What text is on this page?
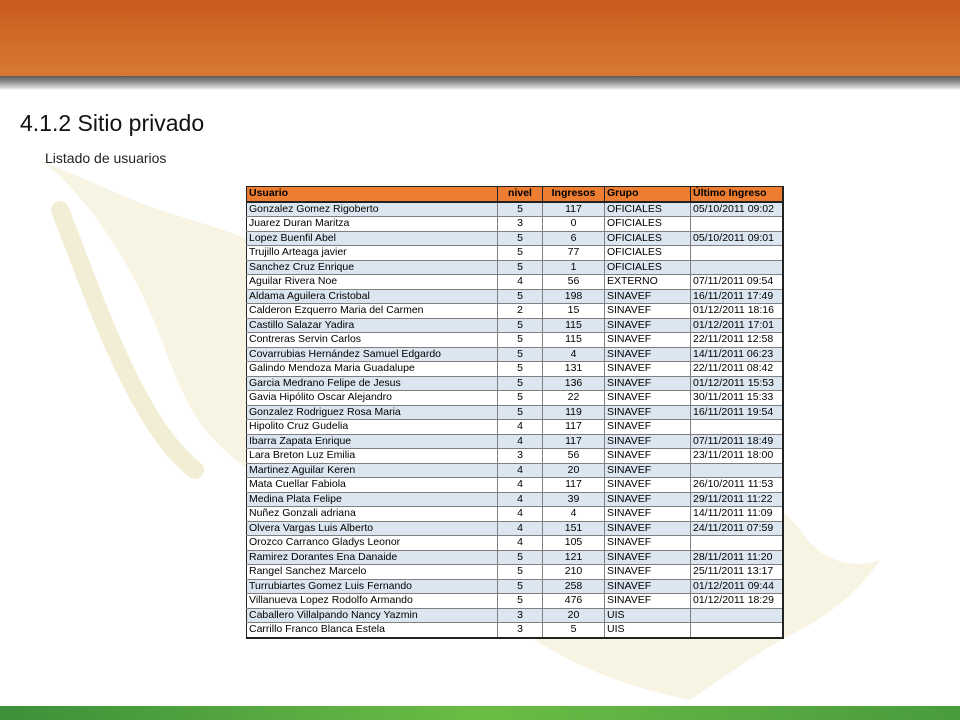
4.1.2 Sitio privado
Listado de usuarios
Usuario	nivel	Ingresos	Grupo	Último Ingreso
Gonzalez Gomez Rigoberto	5	117	OFICIALES	05/10/2011 09:02
Juarez Duran Maritza	3	0	OFICIALES	
Lopez Buenfil Abel	5	6	OFICIALES	05/10/2011 09:01
Trujillo Arteaga javier	5	77	OFICIALES	
Sanchez Cruz Enrique	5	1	OFICIALES	
Aguilar Rivera Noe	4	56	EXTERNO	07/11/2011 09:54
Aldama Aguilera Cristobal	5	198	SINAVEF	16/11/2011 17:49
Calderon Ezquerro Maria del Carmen	2	15	SINAVEF	01/12/2011 18:16
Castillo Salazar Yadira	5	115	SINAVEF	01/12/2011 17:01
Contreras Servin Carlos	5	115	SINAVEF	22/11/2011 12:58
Covarrubias Hernández Samuel Edgardo	5	4	SINAVEF	14/11/2011 06:23
Galindo Mendoza Maria Guadalupe	5	131	SINAVEF	22/11/2011 08:42
Garcia Medrano Felipe de Jesus	5	136	SINAVEF	01/12/2011 15:53
Gavia Hipólito Oscar Alejandro	5	22	SINAVEF	30/11/2011 15:33
Gonzalez Rodriguez Rosa Maria	5	119	SINAVEF	16/11/2011 19:54
Hipolito Cruz Gudelia	4	117	SINAVEF	
Ibarra Zapata Enrique	4	117	SINAVEF	07/11/2011 18:49
Lara Breton Luz Emilia	3	56	SINAVEF	23/11/2011 18:00
Martinez Aguilar Keren	4	20	SINAVEF	
Mata Cuellar Fabiola	4	117	SINAVEF	26/10/2011 11:53
Medina Plata Felipe	4	39	SINAVEF	29/11/2011 11:22
Nuñez Gonzali adriana	4	4	SINAVEF	14/11/2011 11:09
Olvera Vargas Luis Alberto	4	151	SINAVEF	24/11/2011 07:59
Orozco Carranco Gladys Leonor	4	105	SINAVEF	
Ramirez Dorantes Ena Danaide	5	121	SINAVEF	28/11/2011 11:20
Rangel Sanchez Marcelo	5	210	SINAVEF	25/11/2011 13:17
Turrubiartes Gomez Luis Fernando	5	258	SINAVEF	01/12/2011 09:44
Villanueva Lopez Rodolfo Armando	5	476	SINAVEF	01/12/2011 18:29
Caballero Villalpando Nancy Yazmin	3	20	UIS	
Carrillo Franco Blanca Estela	3	5	UIS	
